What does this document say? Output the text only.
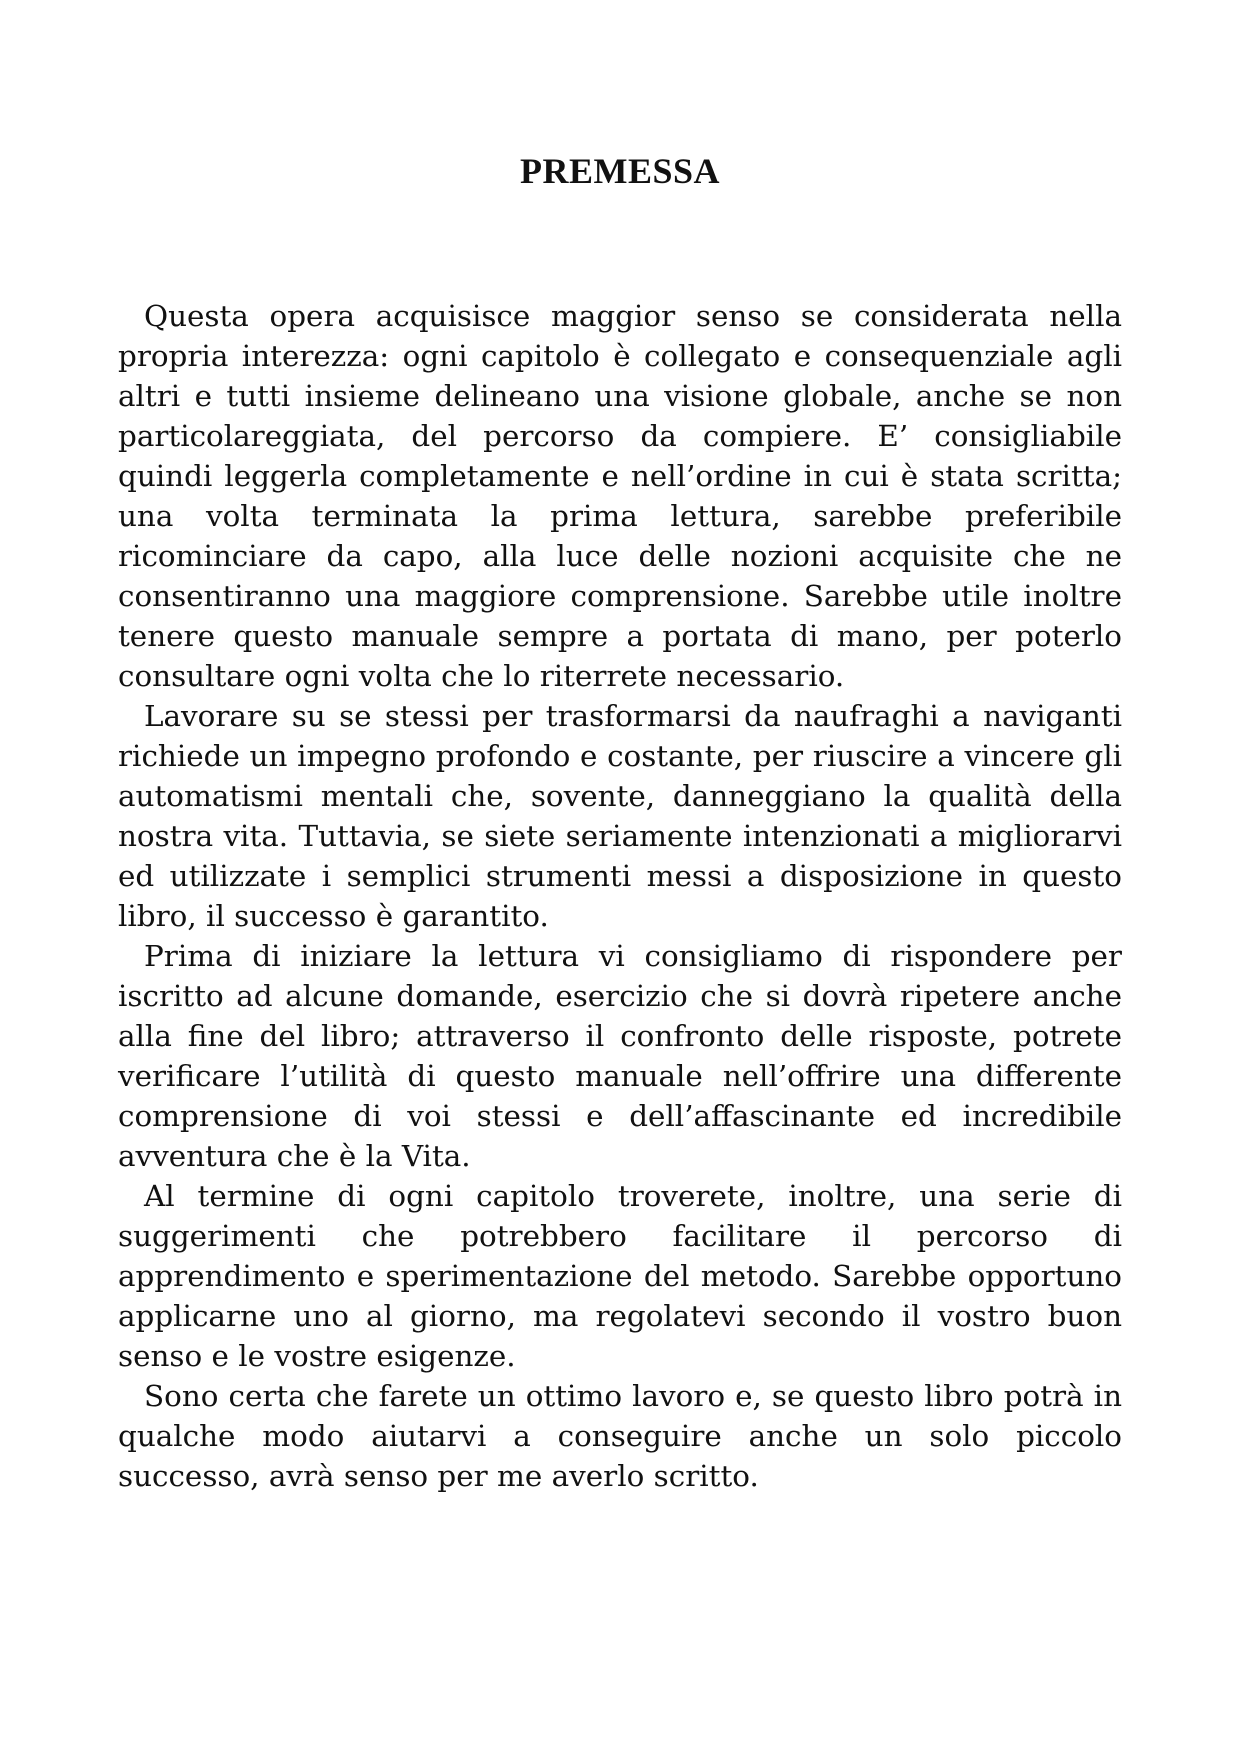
PREMESSA

Questa opera acquisisce maggior senso se considerata nella propria interezza: ogni capitolo è collegato e consequenziale agli altri e tutti insieme delineano una visione globale, anche se non particolareggiata, del percorso da compiere. E’ consigliabile quindi leggerla completamente e nell’ordine in cui è stata scritta; una volta terminata la prima lettura, sarebbe preferibile ricominciare da capo, alla luce delle nozioni acquisite che ne consentiranno una maggiore comprensione. Sarebbe utile inoltre tenere questo manuale sempre a portata di mano, per poterlo consultare ogni volta che lo riterrete necessario.

Lavorare su se stessi per trasformarsi da naufraghi a naviganti richiede un impegno profondo e costante, per riuscire a vincere gli automatismi mentali che, sovente, danneggiano la qualità della nostra vita. Tuttavia, se siete seriamente intenzionati a migliorarvi ed utilizzate i semplici strumenti messi a disposizione in questo libro, il successo è garantito.

Prima di iniziare la lettura vi consigliamo di rispondere per iscritto ad alcune domande, esercizio che si dovrà ripetere anche alla fine del libro; attraverso il confronto delle risposte, potrete verificare l’utilità di questo manuale nell’offrire una differente comprensione di voi stessi e dell’affascinante ed incredibile avventura che è la Vita.

Al termine di ogni capitolo troverete, inoltre, una serie di suggerimenti che potrebbero facilitare il percorso di apprendimento e sperimentazione del metodo. Sarebbe opportuno applicarne uno al giorno, ma regolatevi secondo il vostro buon senso e le vostre esigenze.

Sono certa che farete un ottimo lavoro e, se questo libro potrà in qualche modo aiutarvi a conseguire anche un solo piccolo successo, avrà senso per me averlo scritto.
